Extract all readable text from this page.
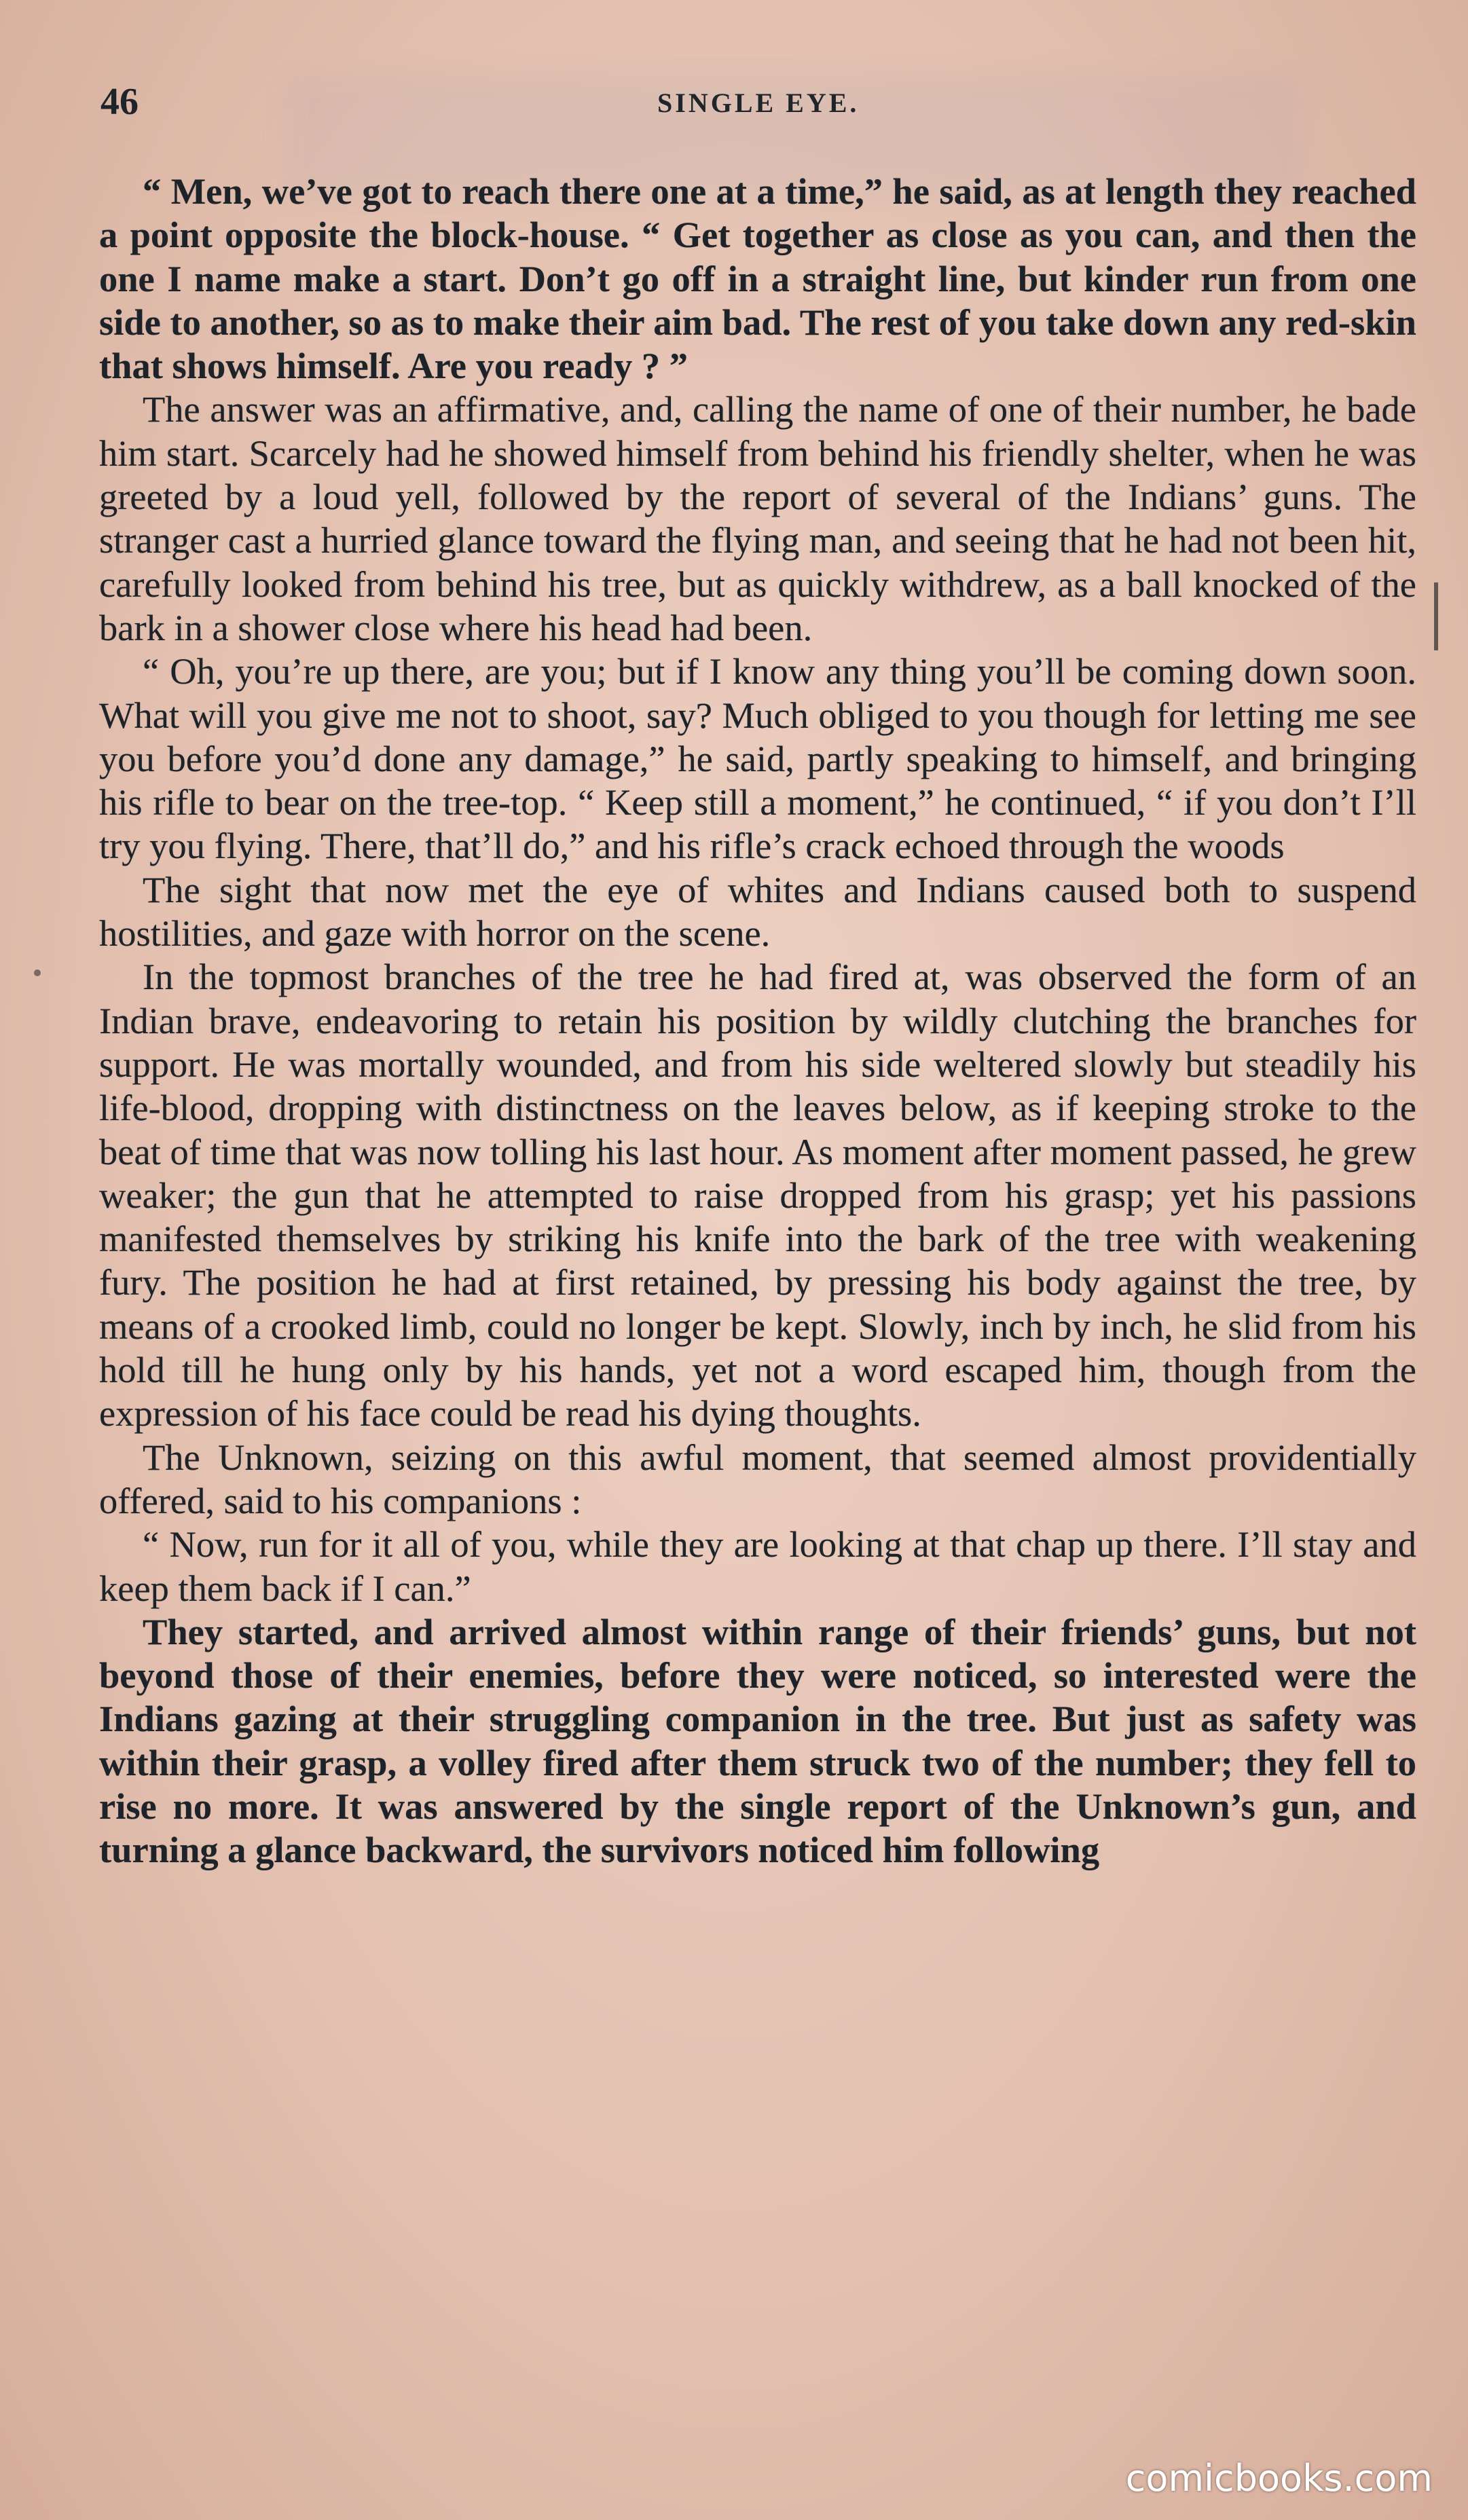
46	SINGLE EYE.

“ Men, we’ve got to reach there one at a time,” he said, as at length they reached a point opposite the block-house. “ Get together as close as you can, and then the one I name make a start. Don’t go off in a straight line, but kinder run from one side to another, so as to make their aim bad. The rest of you take down any red-skin that shows himself. Are you ready ? ”

The answer was an affirmative, and, calling the name of one of their number, he bade him start. Scarcely had he showed himself from behind his friendly shelter, when he was greeted by a loud yell, followed by the report of several of the Indians’ guns. The stranger cast a hurried glance toward the flying man, and seeing that he had not been hit, carefully looked from behind his tree, but as quickly withdrew, as a ball knocked of the bark in a shower close where his head had been.

“ Oh, you’re up there, are you; but if I know any thing you’ll be coming down soon. What will you give me not to shoot, say? Much obliged to you though for letting me see you before you’d done any damage,” he said, partly speaking to himself, and bringing his rifle to bear on the tree-top. “ Keep still a moment,” he continued, “ if you don’t I’ll try you flying. There, that’ll do,” and his rifle’s crack echoed through the woods

The sight that now met the eye of whites and Indians caused both to suspend hostilities, and gaze with horror on the scene.

In the topmost branches of the tree he had fired at, was observed the form of an Indian brave, endeavoring to retain his position by wildly clutching the branches for support. He was mortally wounded, and from his side weltered slowly but steadily his life-blood, dropping with distinctness on the leaves below, as if keeping stroke to the beat of time that was now tolling his last hour. As moment after moment passed, he grew weaker; the gun that he attempted to raise dropped from his grasp; yet his passions manifested themselves by striking his knife into the bark of the tree with weakening fury. The position he had at first retained, by pressing his body against the tree, by means of a crooked limb, could no longer be kept. Slowly, inch by inch, he slid from his hold till he hung only by his hands, yet not a word escaped him, though from the expression of his face could be read his dying thoughts.

The Unknown, seizing on this awful moment, that seemed almost providentially offered, said to his companions :

“ Now, run for it all of you, while they are looking at that chap up there. I’ll stay and keep them back if I can.”

They started, and arrived almost within range of their friends’ guns, but not beyond those of their enemies, before they were noticed, so interested were the Indians gazing at their struggling companion in the tree. But just as safety was within their grasp, a volley fired after them struck two of the number; they fell to rise no more. It was answered by the single report of the Unknown’s gun, and turning a glance backward, the survivors noticed him following

comicbooks.com
